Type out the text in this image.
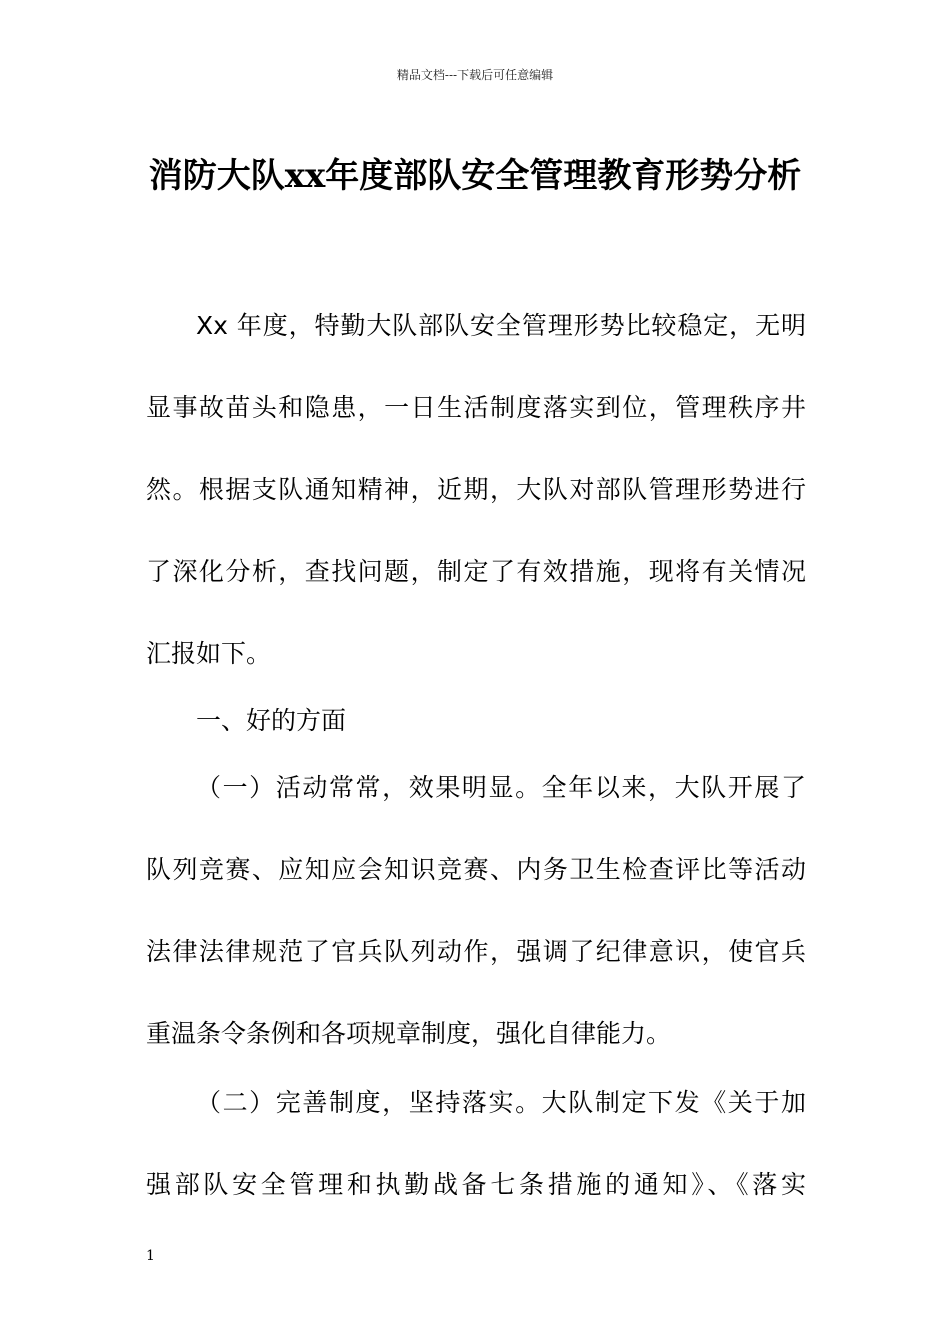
精品文档---下载后可任意编辑
消防大队xx年度部队安全管理教育形势分析
Xx 年度，特勤大队部队安全管理形势比较稳定，无明
显事故苗头和隐患，一日生活制度落实到位，管理秩序井
然。根据支队通知精神，近期，大队对部队管理形势进行
了深化分析，查找问题，制定了有效措施，现将有关情况
汇报如下。
一、好的方面
（一）活动常常，效果明显。全年以来，大队开展了
队列竞赛、应知应会知识竞赛、内务卫生检查评比等活动
法律法律规范了官兵队列动作，强调了纪律意识，使官兵
重温条令条例和各项规章制度，强化自律能力。
（二）完善制度，坚持落实。大队制定下发《关于加
强部队安全管理和执勤战备七条措施的通知》、《落实
1
